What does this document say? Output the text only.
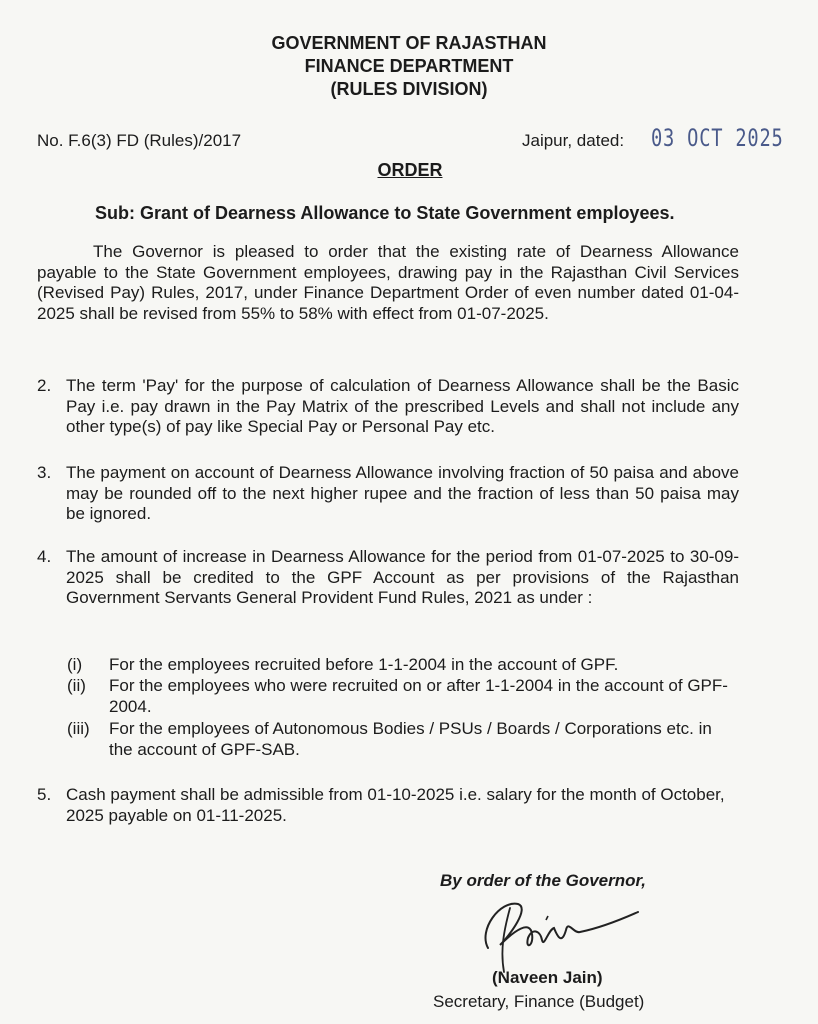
GOVERNMENT OF RAJASTHAN
FINANCE DEPARTMENT
(RULES DIVISION)
No. F.6(3) FD (Rules)/2017	Jaipur, dated: 03 OCT 2025
ORDER
Sub: Grant of Dearness Allowance to State Government employees.
The Governor is pleased to order that the existing rate of Dearness Allowance payable to the State Government employees, drawing pay in the Rajasthan Civil Services (Revised Pay) Rules, 2017, under Finance Department Order of even number dated 01-04-2025 shall be revised from 55% to 58% with effect from 01-07-2025.
2. The term 'Pay' for the purpose of calculation of Dearness Allowance shall be the Basic Pay i.e. pay drawn in the Pay Matrix of the prescribed Levels and shall not include any other type(s) of pay like Special Pay or Personal Pay etc.
3. The payment on account of Dearness Allowance involving fraction of 50 paisa and above may be rounded off to the next higher rupee and the fraction of less than 50 paisa may be ignored.
4. The amount of increase in Dearness Allowance for the period from 01-07-2025 to 30-09-2025 shall be credited to the GPF Account as per provisions of the Rajasthan Government Servants General Provident Fund Rules, 2021 as under :
(i) For the employees recruited before 1-1-2004 in the account of GPF.
(ii) For the employees who were recruited on or after 1-1-2004 in the account of GPF-2004.
(iii) For the employees of Autonomous Bodies / PSUs / Boards / Corporations etc. in the account of GPF-SAB.
5. Cash payment shall be admissible from 01-10-2025 i.e. salary for the month of October, 2025 payable on 01-11-2025.
By order of the Governor,
(Naveen Jain)
Secretary, Finance (Budget)
